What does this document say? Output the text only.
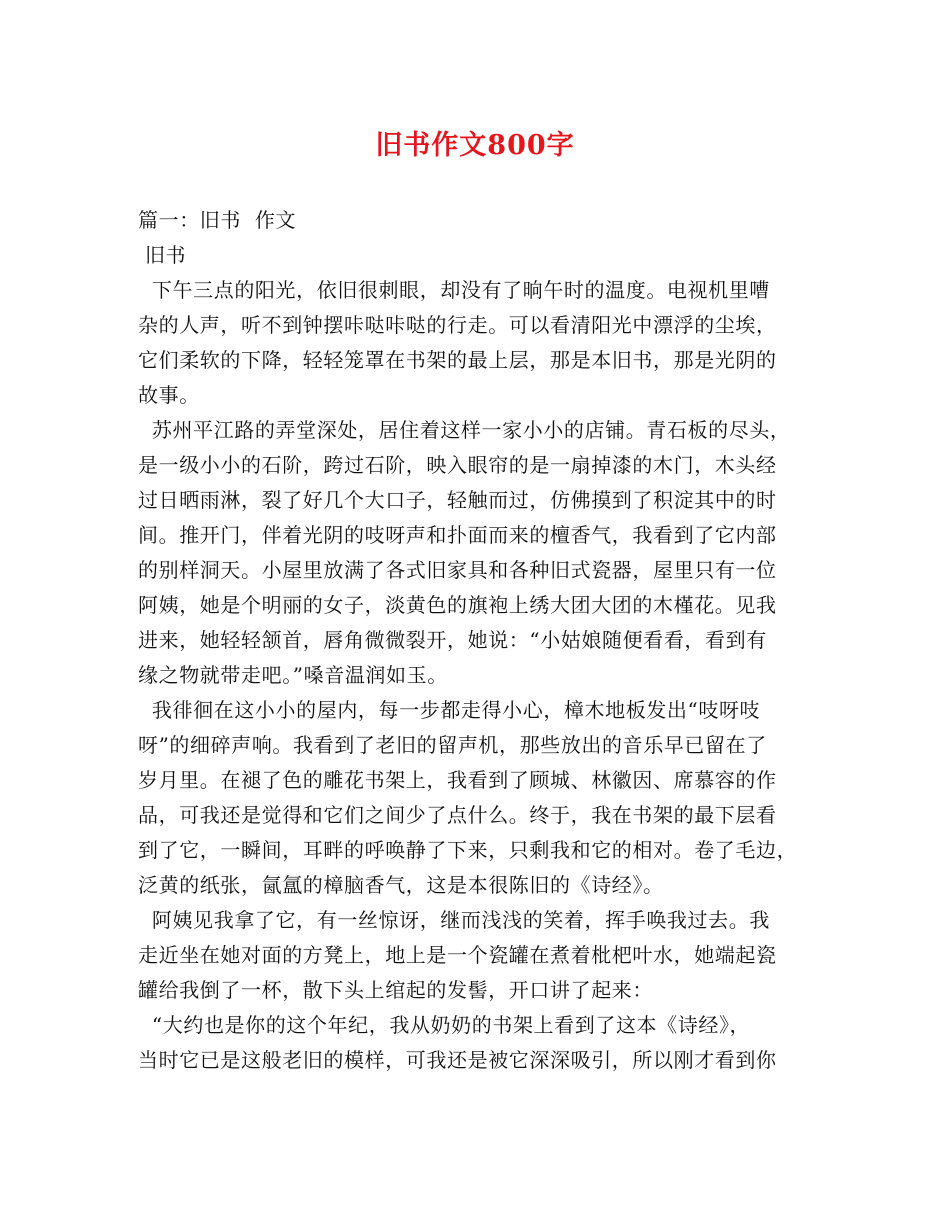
旧书作文800字
篇一：旧书  作文
旧书
下午三点的阳光，依旧很刺眼，却没有了晌午时的温度。电视机里嘈
杂的人声，听不到钟摆咔哒咔哒的行走。可以看清阳光中漂浮的尘埃，
它们柔软的下降，轻轻笼罩在书架的最上层，那是本旧书，那是光阴的
故事。
苏州平江路的弄堂深处，居住着这样一家小小的店铺。青石板的尽头，
是一级小小的石阶，跨过石阶，映入眼帘的是一扇掉漆的木门，木头经
过日晒雨淋，裂了好几个大口子，轻触而过，仿佛摸到了积淀其中的时
间。推开门，伴着光阴的吱呀声和扑面而来的檀香气，我看到了它内部
的别样洞天。小屋里放满了各式旧家具和各种旧式瓷器，屋里只有一位
阿姨，她是个明丽的女子，淡黄色的旗袍上绣大团大团的木槿花。见我
进来，她轻轻颔首，唇角微微裂开，她说：“小姑娘随便看看，看到有
缘之物就带走吧。”嗓音温润如玉。
我徘徊在这小小的屋内，每一步都走得小心，樟木地板发出“吱呀吱
呀”的细碎声响。我看到了老旧的留声机，那些放出的音乐早已留在了
岁月里。在褪了色的雕花书架上，我看到了顾城、林徽因、席慕容的作
品，可我还是觉得和它们之间少了点什么。终于，我在书架的最下层看
到了它，一瞬间，耳畔的呼唤静了下来，只剩我和它的相对。卷了毛边，
泛黄的纸张，氤氲的樟脑香气，这是本很陈旧的《诗经》。
阿姨见我拿了它，有一丝惊讶，继而浅浅的笑着，挥手唤我过去。我
走近坐在她对面的方凳上，地上是一个瓷罐在煮着枇杷叶水，她端起瓷
罐给我倒了一杯，散下头上绾起的发髻，开口讲了起来：
“大约也是你的这个年纪，我从奶奶的书架上看到了这本《诗经》，
当时它已是这般老旧的模样，可我还是被它深深吸引，所以刚才看到你
